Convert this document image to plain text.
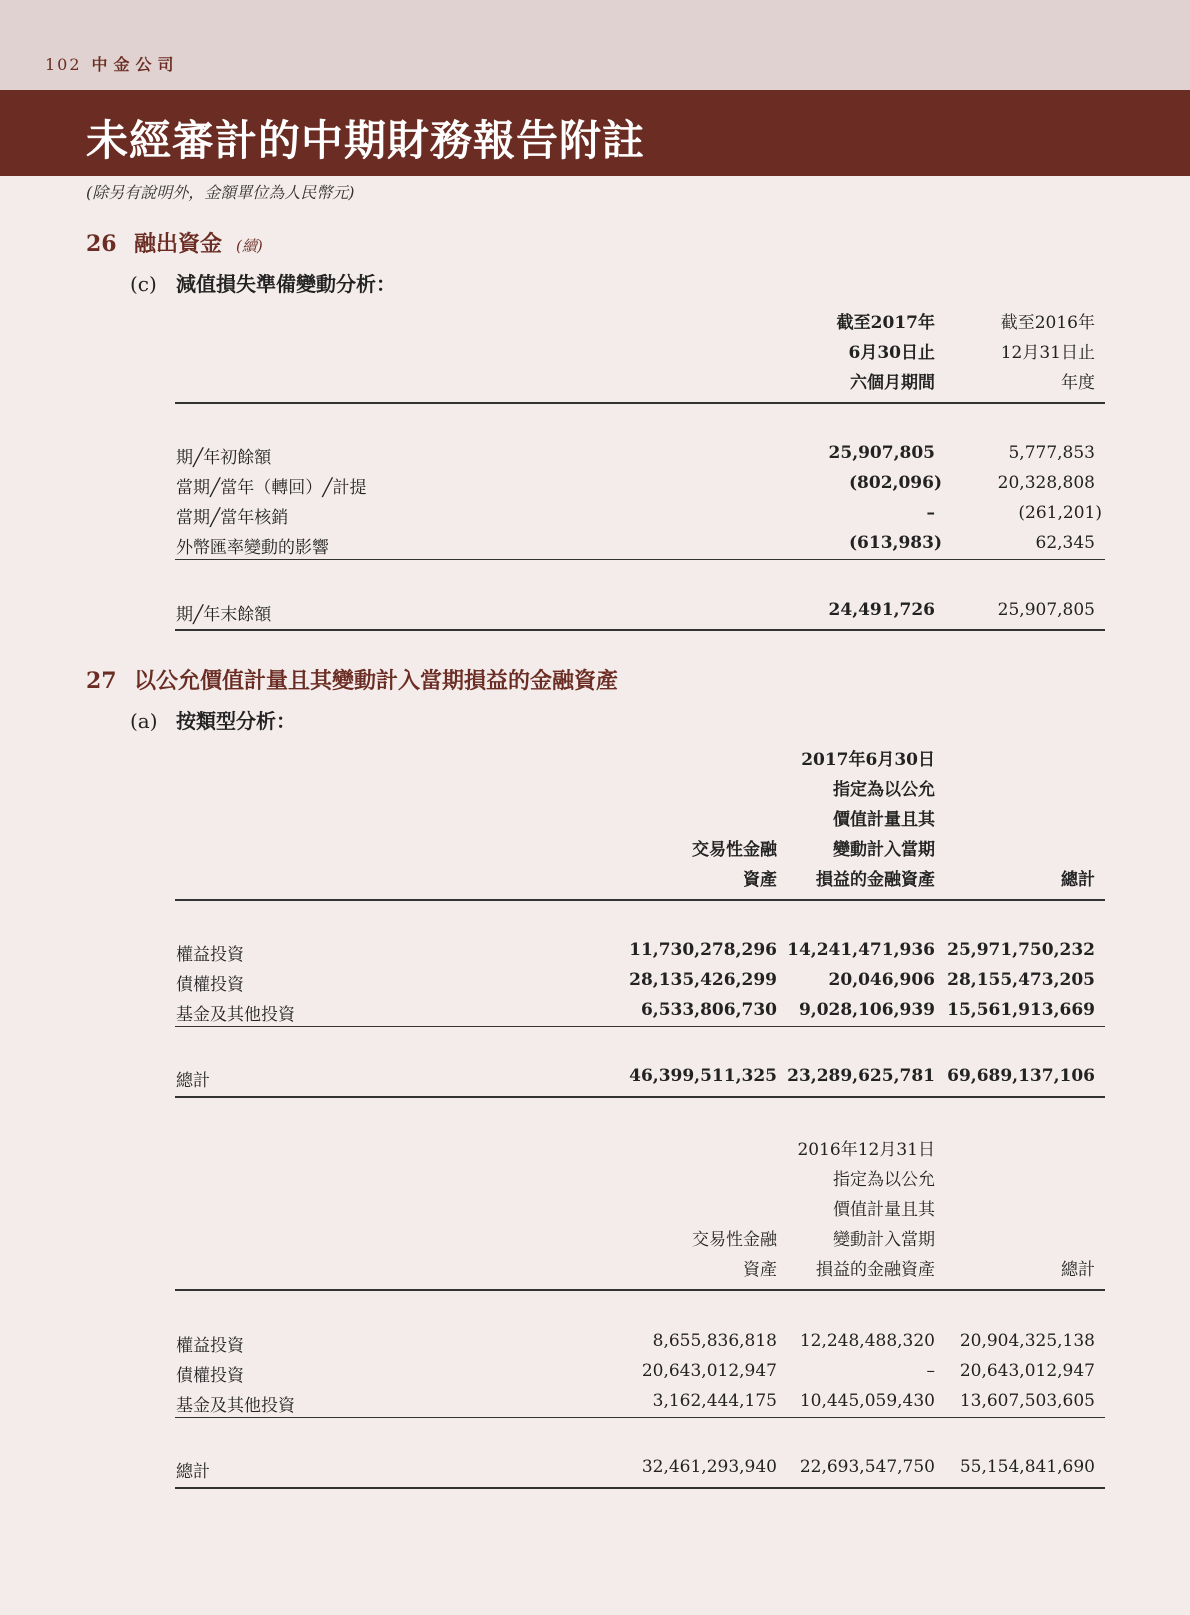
102 中金公司
未經審計的中期財務報告附註
(除另有說明外，金額單位為人民幣元)
26 融出資金 (續)
(c) 減值損失準備變動分析：
截至2017年
6月30日止
六個月期間
截至2016年
12月31日止
年度
期╱年初餘額	25,907,805	5,777,853
當期╱當年（轉回）╱計提	(802,096)	20,328,808
當期╱當年核銷	–	(261,201)
外幣匯率變動的影響	(613,983)	62,345
期╱年末餘額	24,491,726	25,907,805
27 以公允價值計量且其變動計入當期損益的金融資產
(a) 按類型分析：
2017年6月30日
指定為以公允
價值計量且其
變動計入當期
損益的金融資產
交易性金融
資產	總計
權益投資	11,730,278,296 14,241,471,936 25,971,750,232
債權投資	28,135,426,299	20,046,906 28,155,473,205
基金及其他投資	6,533,806,730 9,028,106,939 15,561,913,669
總計	46,399,511,325 23,289,625,781 69,689,137,106
2016年12月31日
指定為以公允
價值計量且其
變動計入當期
損益的金融資產
交易性金融
資產	總計
權益投資	8,655,836,818 12,248,488,320 20,904,325,138
債權投資	20,643,012,947	– 20,643,012,947
基金及其他投資	3,162,444,175 10,445,059,430 13,607,503,605
總計	32,461,293,940 22,693,547,750 55,154,841,690
